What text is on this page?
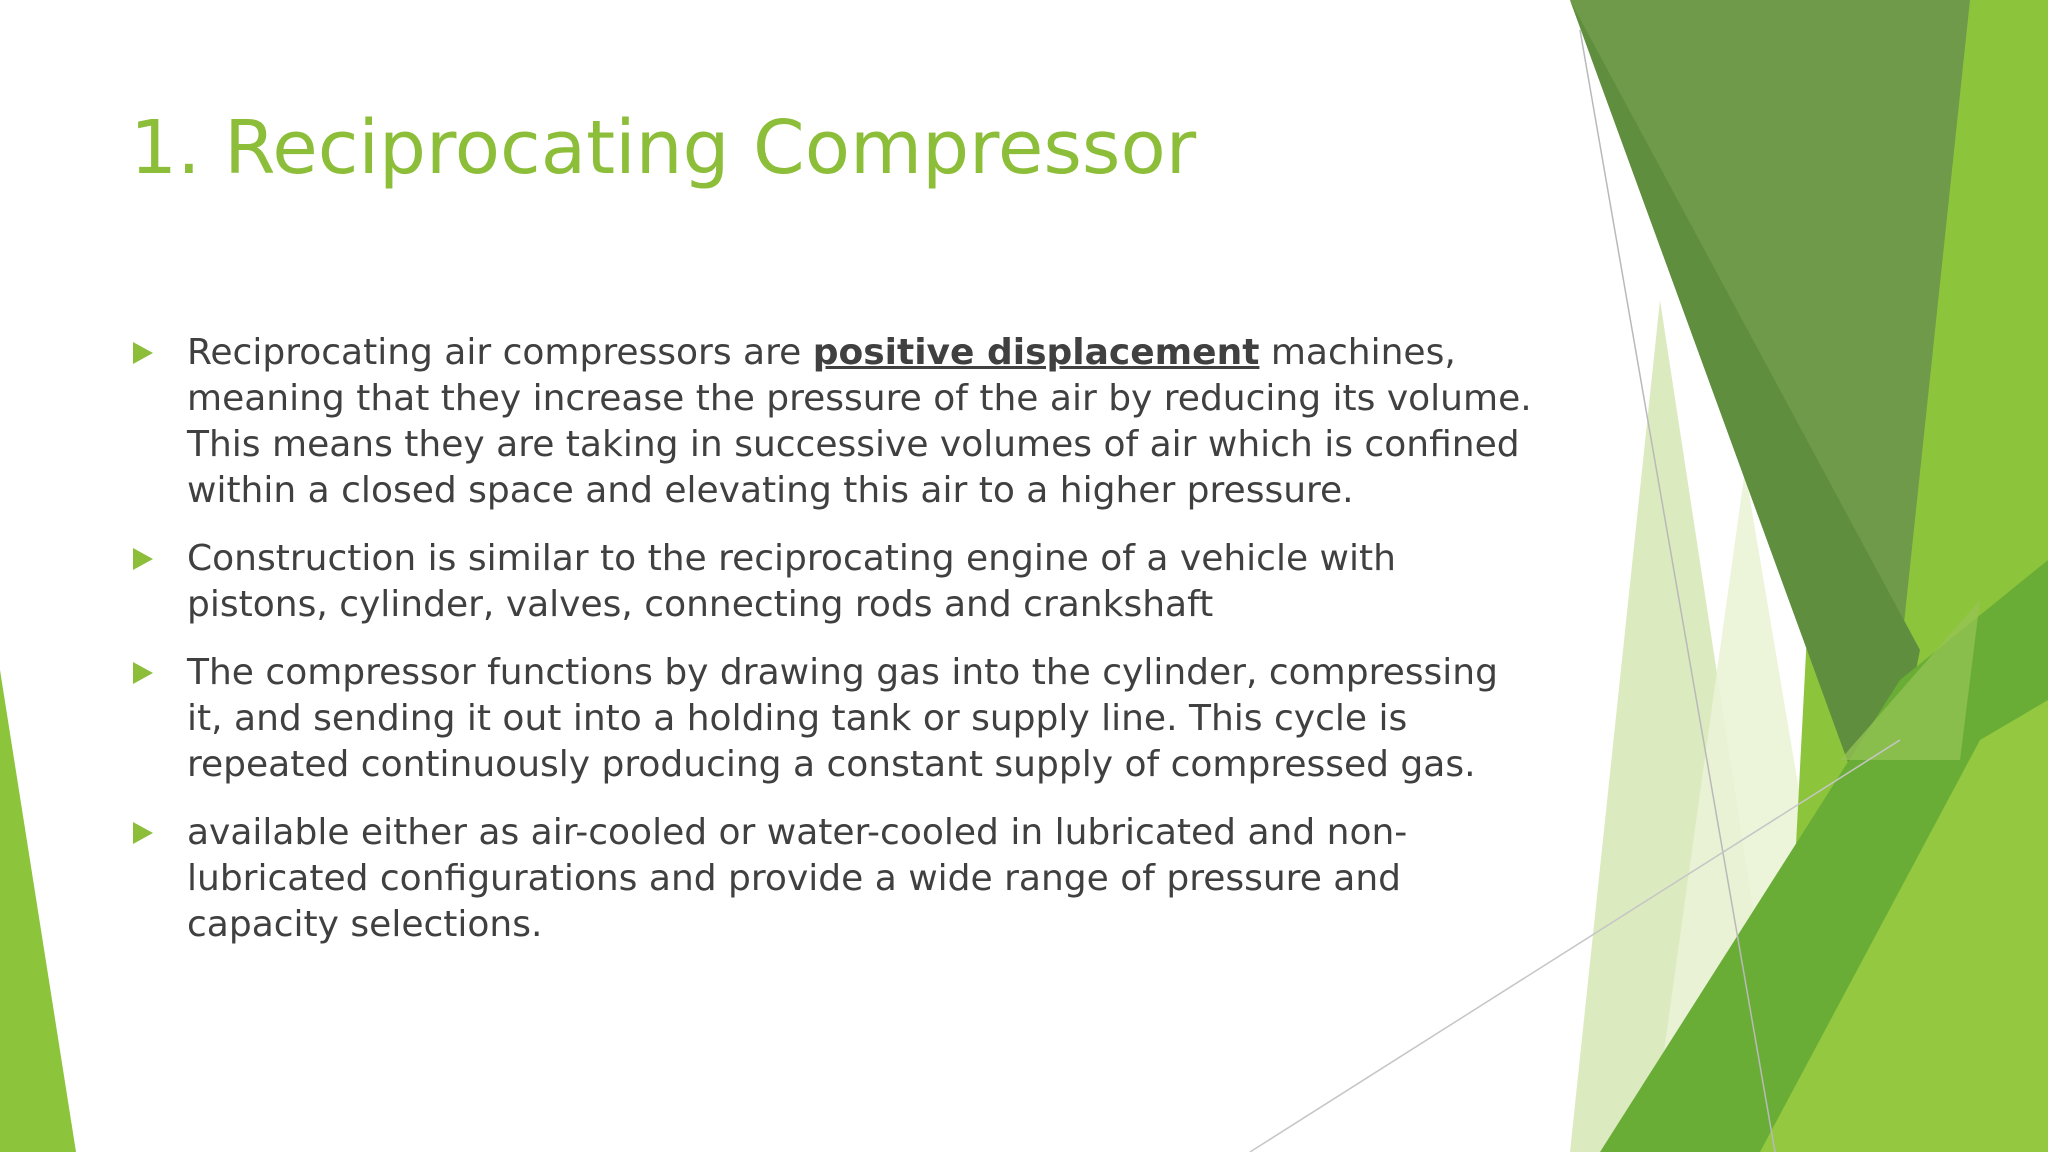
1. Reciprocating Compressor
Reciprocating air compressors are positive displacement machines, meaning that they increase the pressure of the air by reducing its volume. This means they are taking in successive volumes of air which is confined within a closed space and elevating this air to a higher pressure.
Construction is similar to the reciprocating engine of a vehicle with pistons, cylinder, valves, connecting rods and crankshaft
The compressor functions by drawing gas into the cylinder, compressing it, and sending it out into a holding tank or supply line. This cycle is repeated continuously producing a constant supply of compressed gas.
available either as air-cooled or water-cooled in lubricated and non-lubricated configurations and provide a wide range of pressure and capacity selections.
